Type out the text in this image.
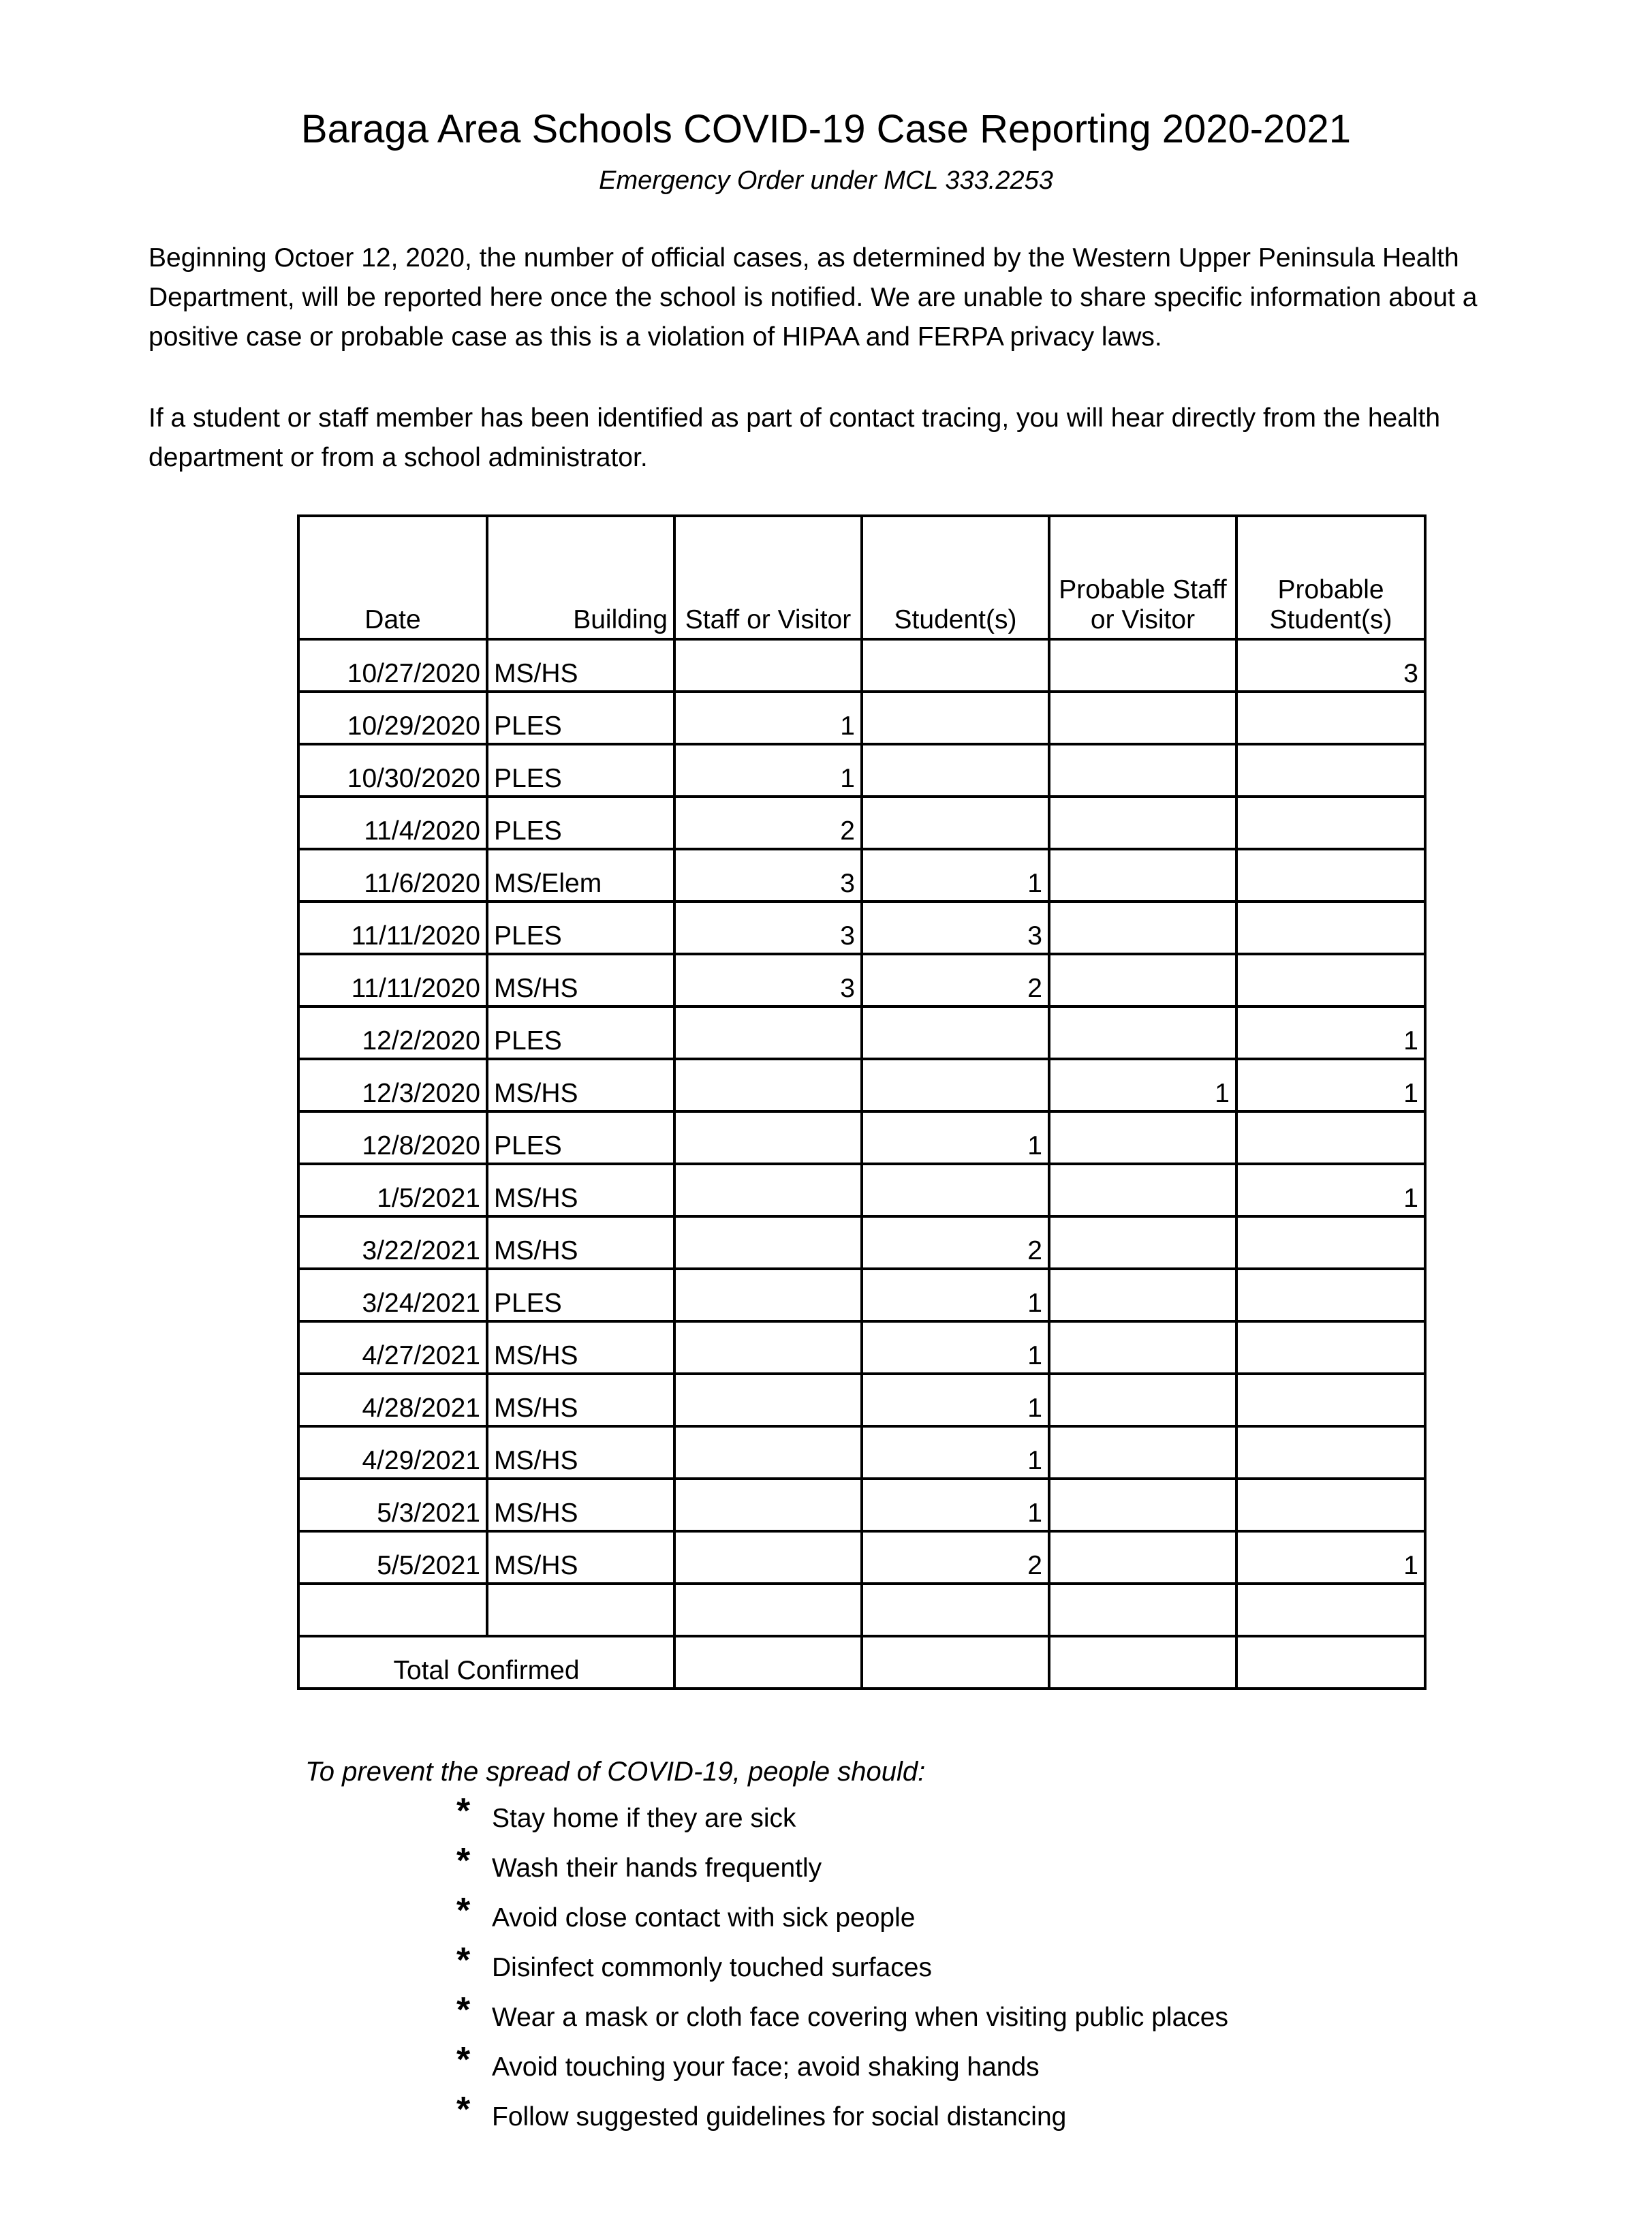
Baraga Area Schools COVID-19 Case Reporting 2020-2021
Emergency Order under MCL 333.2253

Beginning Octoer 12, 2020, the number of official cases, as determined by the Western Upper Peninsula Health Department, will be reported here once the school is notified. We are unable to share specific information about a positive case or probable case as this is a violation of HIPAA and FERPA privacy laws.

If a student or staff member has been identified as part of contact tracing, you will hear directly from the health department or from a school administrator.

Date	Building	Staff or Visitor	Student(s)	Probable Staff or Visitor	Probable Student(s)
10/27/2020	MS/HS				3
10/29/2020	PLES	1			
10/30/2020	PLES	1			
11/4/2020	PLES	2			
11/6/2020	MS/Elem	3	1		
11/11/2020	PLES	3	3		
11/11/2020	MS/HS	3	2		
12/2/2020	PLES				1
12/3/2020	MS/HS			1	1
12/8/2020	PLES		1		
1/5/2021	MS/HS				1
3/22/2021	MS/HS		2		
3/24/2021	PLES		1		
4/27/2021	MS/HS		1		
4/28/2021	MS/HS		1		
4/29/2021	MS/HS		1		
5/3/2021	MS/HS		1		
5/5/2021	MS/HS		2		1

Total Confirmed					
To prevent the spread of COVID-19, people should:
* Stay home if they are sick
* Wash their hands frequently
* Avoid close contact with sick people
* Disinfect commonly touched surfaces
* Wear a mask or cloth face covering when visiting public places
* Avoid touching your face; avoid shaking hands
* Follow suggested guidelines for social distancing
